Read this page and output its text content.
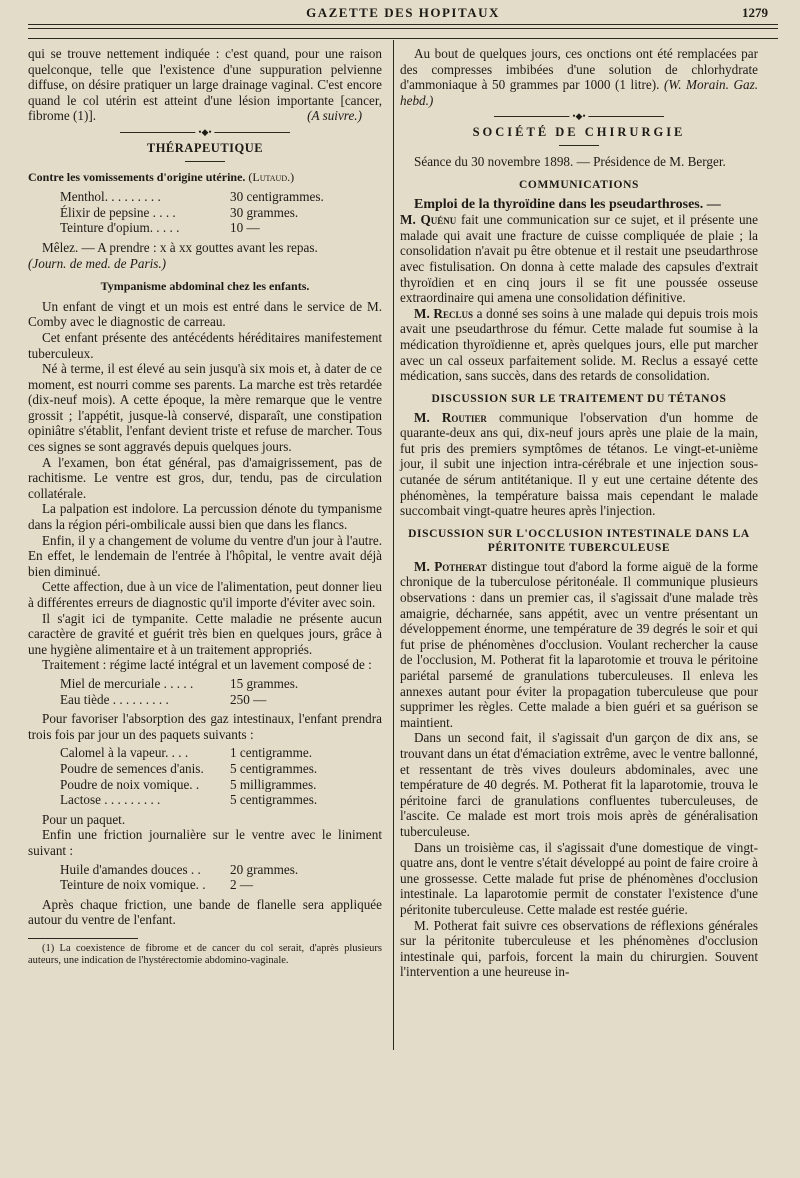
GAZETTE DES HOPITAUX	1279

qui se trouve nettement indiquée : c'est quand, pour une raison quelconque, telle que l'existence d'une suppuration pelvienne diffuse, on désire pratiquer un large drainage vaginal. C'est encore quand le col utérin est atteint d'une lésion importante [cancer, fibrome (1)].	(A suivre.)

•◆•
THÉRAPEUTIQUE
Contre les vomissements d'origine utérine. (Lutaud.)
Menthol. . . . . . . . .	30 centigrammes.
Élixir de pepsine . . . .	30 grammes.
Teinture d'opium. . . . .	10 —

Mêlez. — A prendre : x à xx gouttes avant les repas.

(Journ. de med. de Paris.)

Tympanisme abdominal chez les enfants.

Un enfant de vingt et un mois est entré dans le service de M. Comby avec le diagnostic de carreau.

Cet enfant présente des antécédents héréditaires manifestement tuberculeux.

Né à terme, il est élevé au sein jusqu'à six mois et, à dater de ce moment, est nourri comme ses parents. La marche est très retardée (dix-neuf mois). A cette époque, la mère remarque que le ventre grossit ; l'appétit, jusque-là conservé, disparaît, une constipation opiniâtre s'établit, l'enfant devient triste et refuse de marcher. Tous ces signes se sont aggravés depuis quelques jours.

A l'examen, bon état général, pas d'amaigrissement, pas de rachitisme. Le ventre est gros, dur, tendu, pas de circulation collatérale.

La palpation est indolore. La percussion dénote du tympanisme dans la région péri-ombilicale aussi bien que dans les flancs.

Enfin, il y a changement de volume du ventre d'un jour à l'autre. En effet, le lendemain de l'entrée à l'hôpital, le ventre avait déjà bien diminué.

Cette affection, due à un vice de l'alimentation, peut donner lieu à différentes erreurs de diagnostic qu'il importe d'éviter avec soin.

Il s'agit ici de tympanite. Cette maladie ne présente aucun caractère de gravité et guérit très bien en quelques jours, grâce à une hygiène alimentaire et à un traitement appropriés.

Traitement : régime lacté intégral et un lavement composé de :

Miel de mercuriale . . . . .	15 grammes.
Eau tiède . . . . . . . . .	250 —

Pour favoriser l'absorption des gaz intestinaux, l'enfant prendra trois fois par jour un des paquets suivants :

Calomel à la vapeur. . . .	1 centigramme.
Poudre de semences d'anis.	5 centigrammes.
Poudre de noix vomique. .	5 milligrammes.
Lactose . . . . . . . . .	5 centigrammes.

Pour un paquet.

Enfin une friction journalière sur le ventre avec le liniment suivant :

Huile d'amandes douces . .	20 grammes.
Teinture de noix vomique. .	2 —

Après chaque friction, une bande de flanelle sera appliquée autour du ventre de l'enfant.

(1) La coexistence de fibrome et de cancer du col serait, d'après plusieurs auteurs, une indication de l'hystérectomie abdomino-vaginale.

Au bout de quelques jours, ces onctions ont été remplacées par des compresses imbibées d'une solution de chlorhydrate d'ammoniaque à 50 grammes par 1000 (1 litre). (W. Morain. Gaz. hebd.)

•◆•
SOCIÉTÉ DE CHIRURGIE

Séance du 30 novembre 1898. — Présidence de M. Berger.

COMMUNICATIONS

Emploi de la thyroïdine dans les pseudarthroses. —

M. Quénu fait une communication sur ce sujet, et il présente une malade qui avait une fracture de cuisse compliquée de plaie ; la consolidation n'avait pu être obtenue et il restait une pseudarthrose avec fistulisation. On donna à cette malade des capsules d'extrait thyroïdien et en cinq jours il se fit une poussée osseuse extraordinaire qui amena une consolidation définitive.

M. Reclus a donné ses soins à une malade qui depuis trois mois avait une pseudarthrose du fémur. Cette malade fut soumise à la médication thyroïdienne et, après quelques jours, elle put marcher avec un cal osseux parfaitement solide. M. Reclus a essayé cette médication, sans succès, dans des retards de consolidation.

DISCUSSION SUR LE TRAITEMENT DU TÉTANOS

M. Routier communique l'observation d'un homme de quarante-deux ans qui, dix-neuf jours après une plaie de la main, fut pris des premiers symptômes de tétanos. Le vingt-et-unième jour, il subit une injection intra-cérébrale et une injection sous-cutanée de sérum antitétanique. Il y eut une certaine détente des phénomènes, la température baissa mais cependant le malade succombait vingt-quatre heures après l'injection.

DISCUSSION SUR L'OCCLUSION INTESTINALE DANS LA
PÉRITONITE TUBERCULEUSE

M. Potherat distingue tout d'abord la forme aiguë de la forme chronique de la tuberculose péritonéale. Il communique plusieurs observations : dans un premier cas, il s'agissait d'une malade très amaigrie, décharnée, sans appétit, avec un ventre présentant un développement énorme, une température de 39 degrés le soir et qui fut prise de phénomènes d'occlusion. Voulant rechercher la cause de l'occlusion, M. Potherat fit la laparotomie et trouva le péritoine pariétal parsemé de granulations tuberculeuses. Il enleva les annexes autant pour éviter la propagation tuberculeuse que pour supprimer les règles. Cette malade a bien guéri et sa guérison se maintient.

Dans un second fait, il s'agissait d'un garçon de dix ans, se trouvant dans un état d'émaciation extrême, avec le ventre ballonné, et ressentant de très vives douleurs abdominales, avec une température de 40 degrés. M. Potherat fit la laparotomie, trouva le péritoine farci de granulations confluentes tuberculeuses, de l'ascite. Ce malade est mort trois mois après de généralisation tuberculeuse.

Dans un troisième cas, il s'agissait d'une domestique de vingt-quatre ans, dont le ventre s'était développé au point de faire croire à une grossesse. Cette malade fut prise de phénomènes d'occlusion intestinale. La laparotomie permit de constater l'existence d'une péritonite tuberculeuse. Cette malade est restée guérie.

M. Potherat fait suivre ces observations de réflexions générales sur la péritonite tuberculeuse et les phénomènes d'occlusion intestinale qui, parfois, forcent la main du chirurgien. Souvent l'intervention a une heureuse in-
